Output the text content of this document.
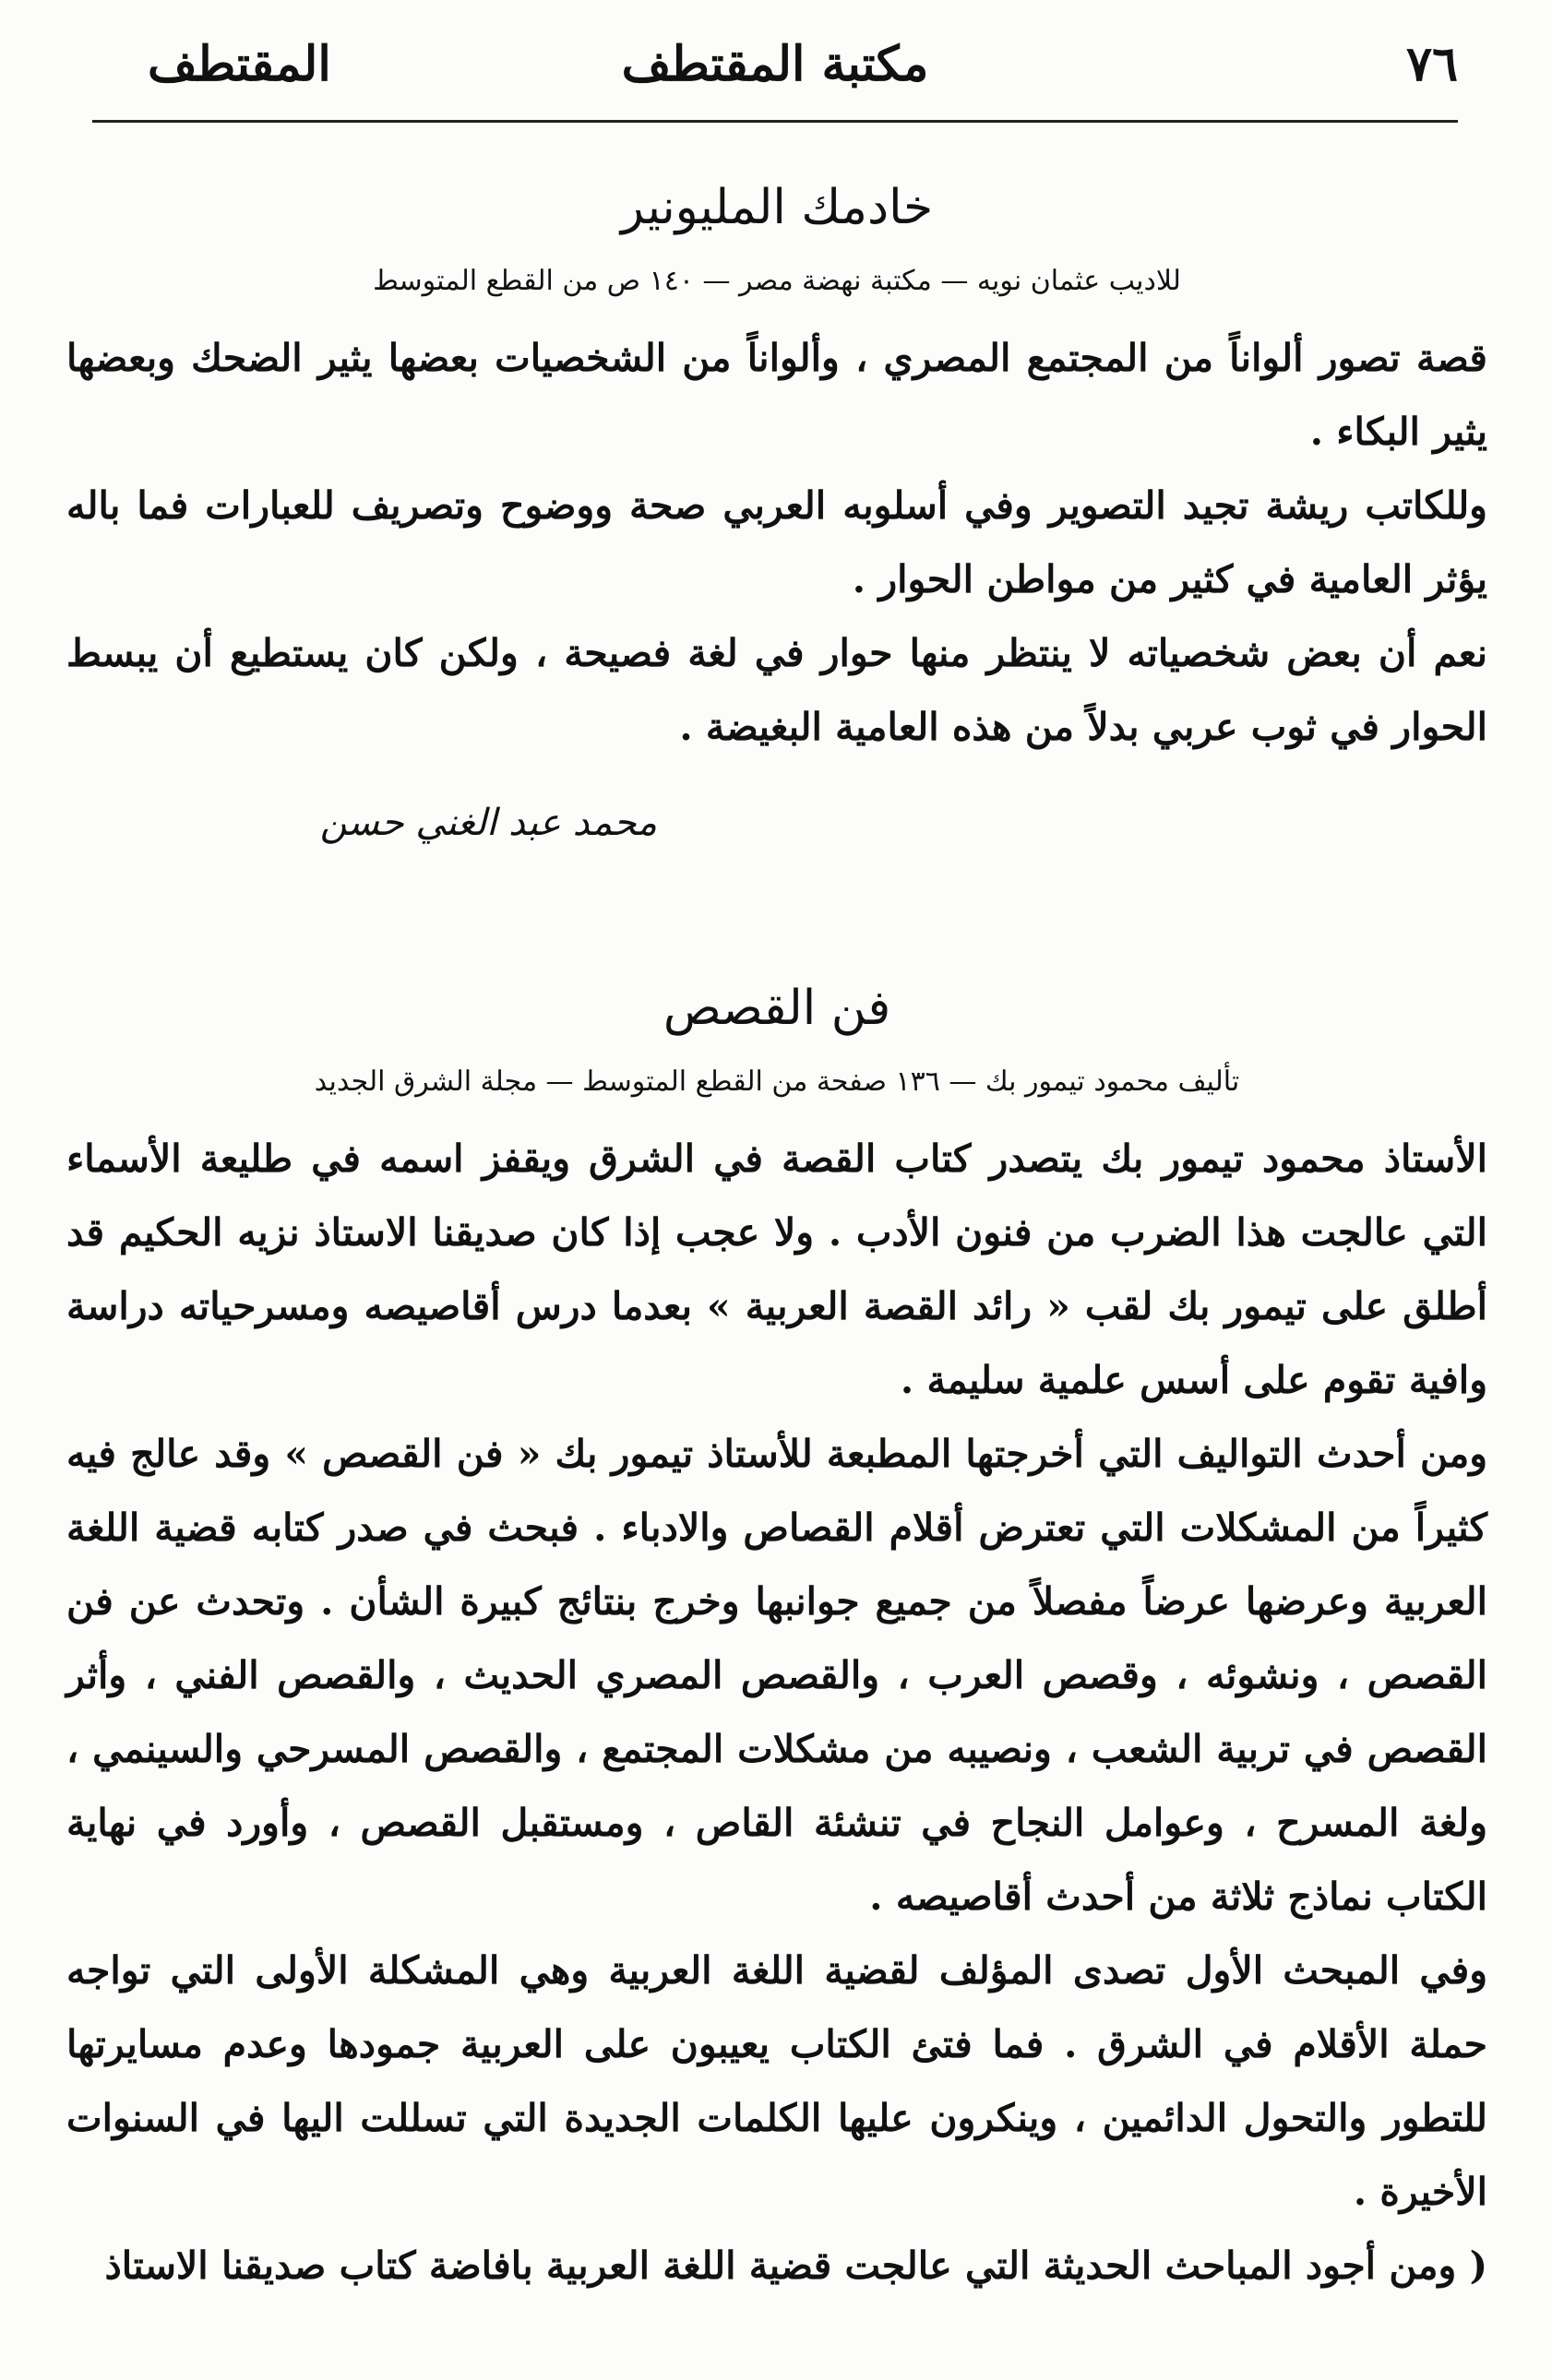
٧٦
مكتبة المقتطف
المقتطف
خادمك المليونير
للاديب عثمان نويه — مكتبة نهضة مصر — ١٤٠ ص من القطع المتوسط

قصة تصور ألواناً من المجتمع المصري ، وألواناً من الشخصيات بعضها يثير الضحك وبعضها يثير البكاء .

وللكاتب ريشة تجيد التصوير وفي أسلوبه العربي صحة ووضوح وتصريف للعبارات فما باله يؤثر العامية في كثير من مواطن الحوار .

نعم أن بعض شخصياته لا ينتظر منها حوار في لغة فصيحة ، ولكن كان يستطيع أن يبسط الحوار في ثوب عربي بدلاً من هذه العامية البغيضة .

محمد عبد الغني حسن
فن القصص
تأليف محمود تيمور بك — ١٣٦ صفحة من القطع المتوسط — مجلة الشرق الجديد

الأستاذ محمود تيمور بك يتصدر كتاب القصة في الشرق ويقفز اسمه في طليعة الأسماء التي عالجت هذا الضرب من فنون الأدب . ولا عجب إذا كان صديقنا الاستاذ نزيه الحكيم قد أطلق على تيمور بك لقب « رائد القصة العربية » بعدما درس أقاصيصه ومسرحياته دراسة وافية تقوم على أسس علمية سليمة .

ومن أحدث التواليف التي أخرجتها المطبعة للأستاذ تيمور بك « فن القصص » وقد عالج فيه كثيراً من المشكلات التي تعترض أقلام القصاص والادباء . فبحث في صدر كتابه قضية اللغة العربية وعرضها عرضاً مفصلاً من جميع جوانبها وخرج بنتائج كبيرة الشأن . وتحدث عن فن القصص ، ونشوئه ، وقصص العرب ، والقصص المصري الحديث ، والقصص الفني ، وأثر القصص في تربية الشعب ، ونصيبه من مشكلات المجتمع ، والقصص المسرحي والسينمي ، ولغة المسرح ، وعوامل النجاح في تنشئة القاص ، ومستقبل القصص ، وأورد في نهاية الكتاب نماذج ثلاثة من أحدث أقاصيصه .

وفي المبحث الأول تصدى المؤلف لقضية اللغة العربية وهي المشكلة الأولى التي تواجه حملة الأقلام في الشرق . فما فتئ الكتاب يعيبون على العربية جمودها وعدم مسايرتها للتطور والتحول الدائمين ، وينكرون عليها الكلمات الجديدة التي تسللت اليها في السنوات الأخيرة .

( ومن أجود المباحث الحديثة التي عالجت قضية اللغة العربية بافاضة كتاب صديقنا الاستاذ
